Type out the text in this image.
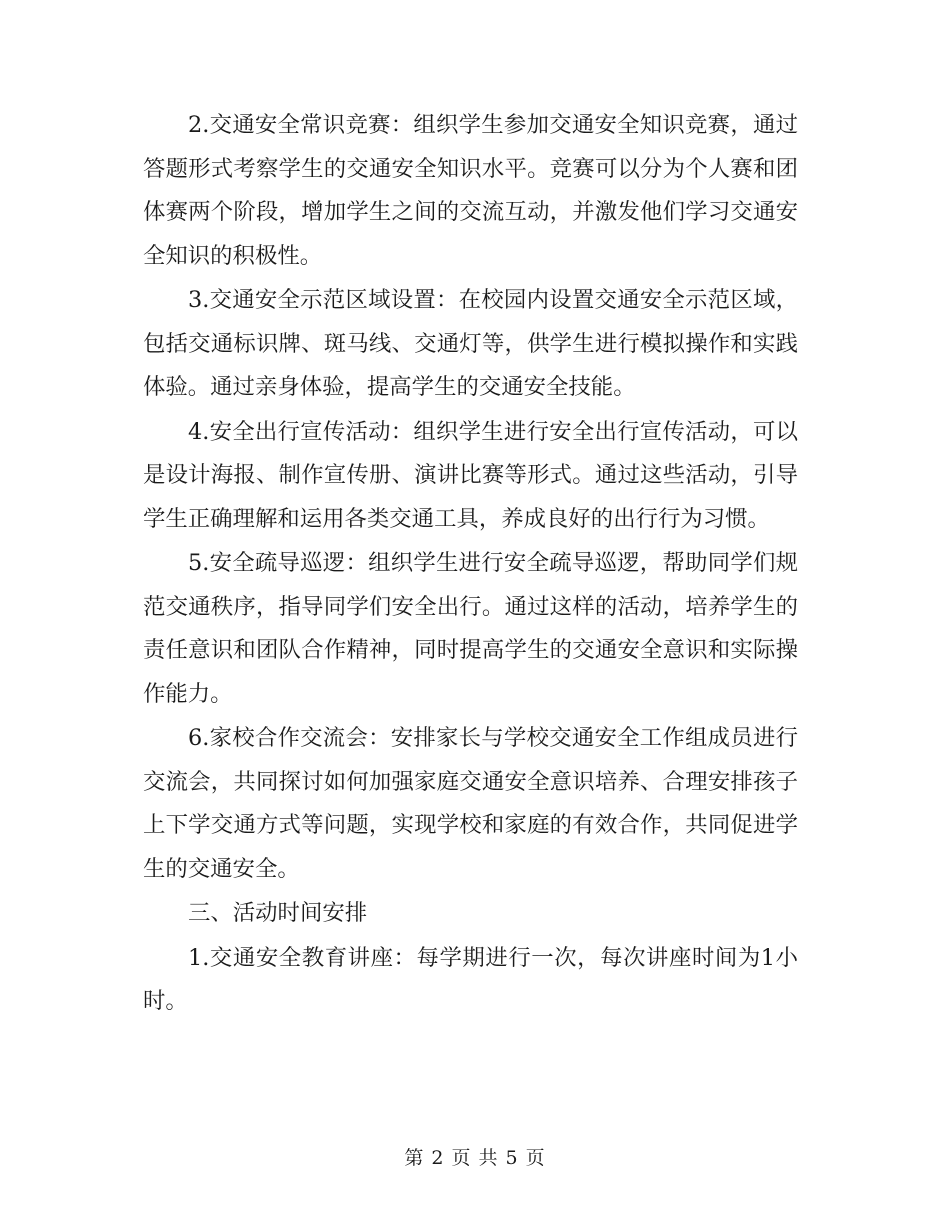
2.交通安全常识竞赛：组织学生参加交通安全知识竞赛，通过答题形式考察学生的交通安全知识水平。竞赛可以分为个人赛和团体赛两个阶段，增加学生之间的交流互动，并激发他们学习交通安全知识的积极性。

3.交通安全示范区域设置：在校园内设置交通安全示范区域，包括交通标识牌、斑马线、交通灯等，供学生进行模拟操作和实践体验。通过亲身体验，提高学生的交通安全技能。

4.安全出行宣传活动：组织学生进行安全出行宣传活动，可以是设计海报、制作宣传册、演讲比赛等形式。通过这些活动，引导学生正确理解和运用各类交通工具，养成良好的出行行为习惯。

5.安全疏导巡逻：组织学生进行安全疏导巡逻，帮助同学们规范交通秩序，指导同学们安全出行。通过这样的活动，培养学生的责任意识和团队合作精神，同时提高学生的交通安全意识和实际操作能力。

6.家校合作交流会：安排家长与学校交通安全工作组成员进行交流会，共同探讨如何加强家庭交通安全意识培养、合理安排孩子上下学交通方式等问题，实现学校和家庭的有效合作，共同促进学生的交通安全。

三、活动时间安排

1.交通安全教育讲座：每学期进行一次，每次讲座时间为1小时。

第 2 页 共 5 页
